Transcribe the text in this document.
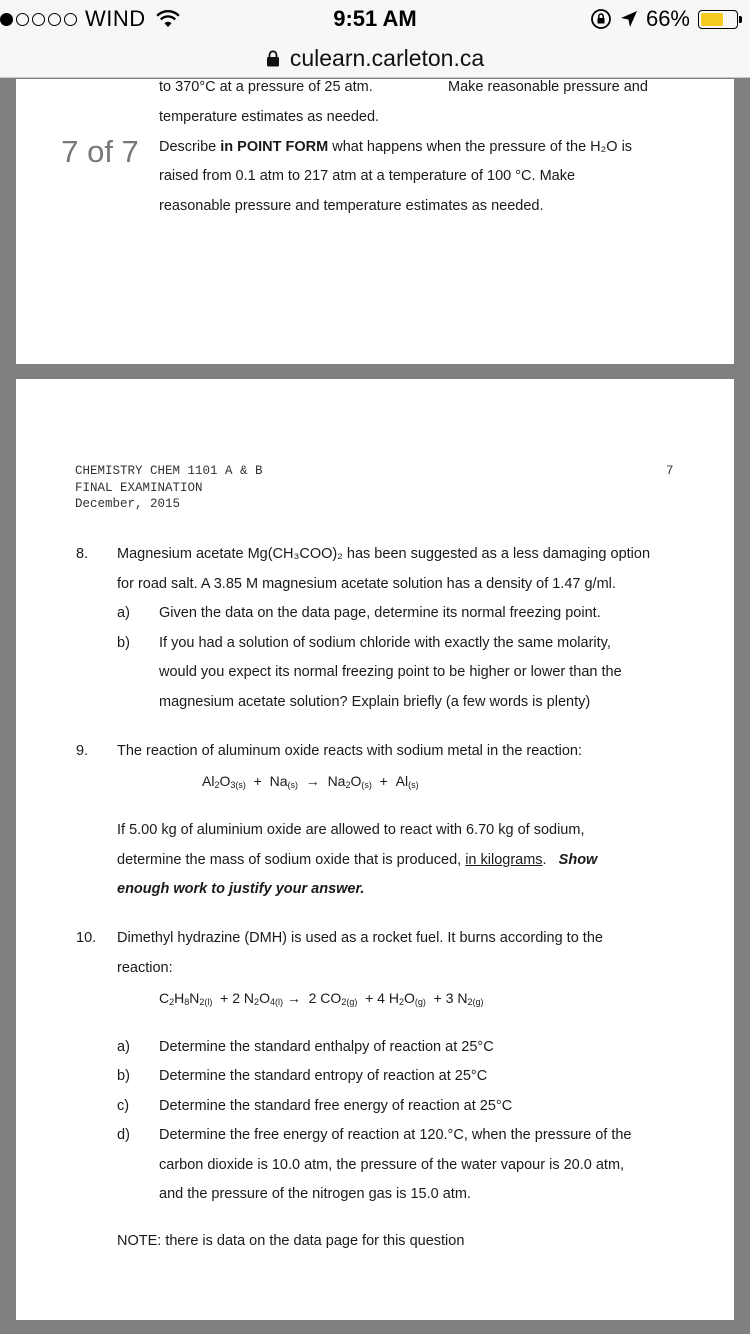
WIND	9:51 AM	66%
culearn.carleton.ca
to 370°C at a pressure of 25 atm.	Make reasonable pressure and
temperature estimates as needed.
Describe in POINT FORM what happens when the pressure of the H₂O is
raised from 0.1 atm to 217 atm at a temperature of 100 °C. Make
reasonable pressure and temperature estimates as needed.
7 of 7
CHEMISTRY CHEM 1101 A & B
FINAL EXAMINATION
December, 2015
7
8. Magnesium acetate Mg(CH₃COO)₂ has been suggested as a less damaging option
for road salt. A 3.85 M magnesium acetate solution has a density of 1.47 g/ml.
a) Given the data on the data page, determine its normal freezing point.
b) If you had a solution of sodium chloride with exactly the same molarity,
would you expect its normal freezing point to be higher or lower than the
magnesium acetate solution? Explain briefly (a few words is plenty)
9. The reaction of aluminum oxide reacts with sodium metal in the reaction:
$Al_2O_{3(s)} + Na_{(s)} \to Na_2O_{(s)} + Al_{(s)}$
If 5.00 kg of aluminium oxide are allowed to react with 6.70 kg of sodium,
determine the mass of sodium oxide that is produced, in kilograms. Show
enough work to justify your answer.
10. Dimethyl hydrazine (DMH) is used as a rocket fuel. It burns according to the
reaction:
$C_2H_8N_{2(l)} + 2$ $N_2O_{4(l)} \to 2$ $CO_{2(g)} + 4$ $H_2O_{(g)} + 3$ $N_{2(g)}$
a) Determine the standard enthalpy of reaction at 25°C
b) Determine the standard entropy of reaction at 25°C
c) Determine the standard free energy of reaction at 25°C
d) Determine the free energy of reaction at 120.°C, when the pressure of the
carbon dioxide is 10.0 atm, the pressure of the water vapour is 20.0 atm,
and the pressure of the nitrogen gas is 15.0 atm.
NOTE: there is data on the data page for this question
